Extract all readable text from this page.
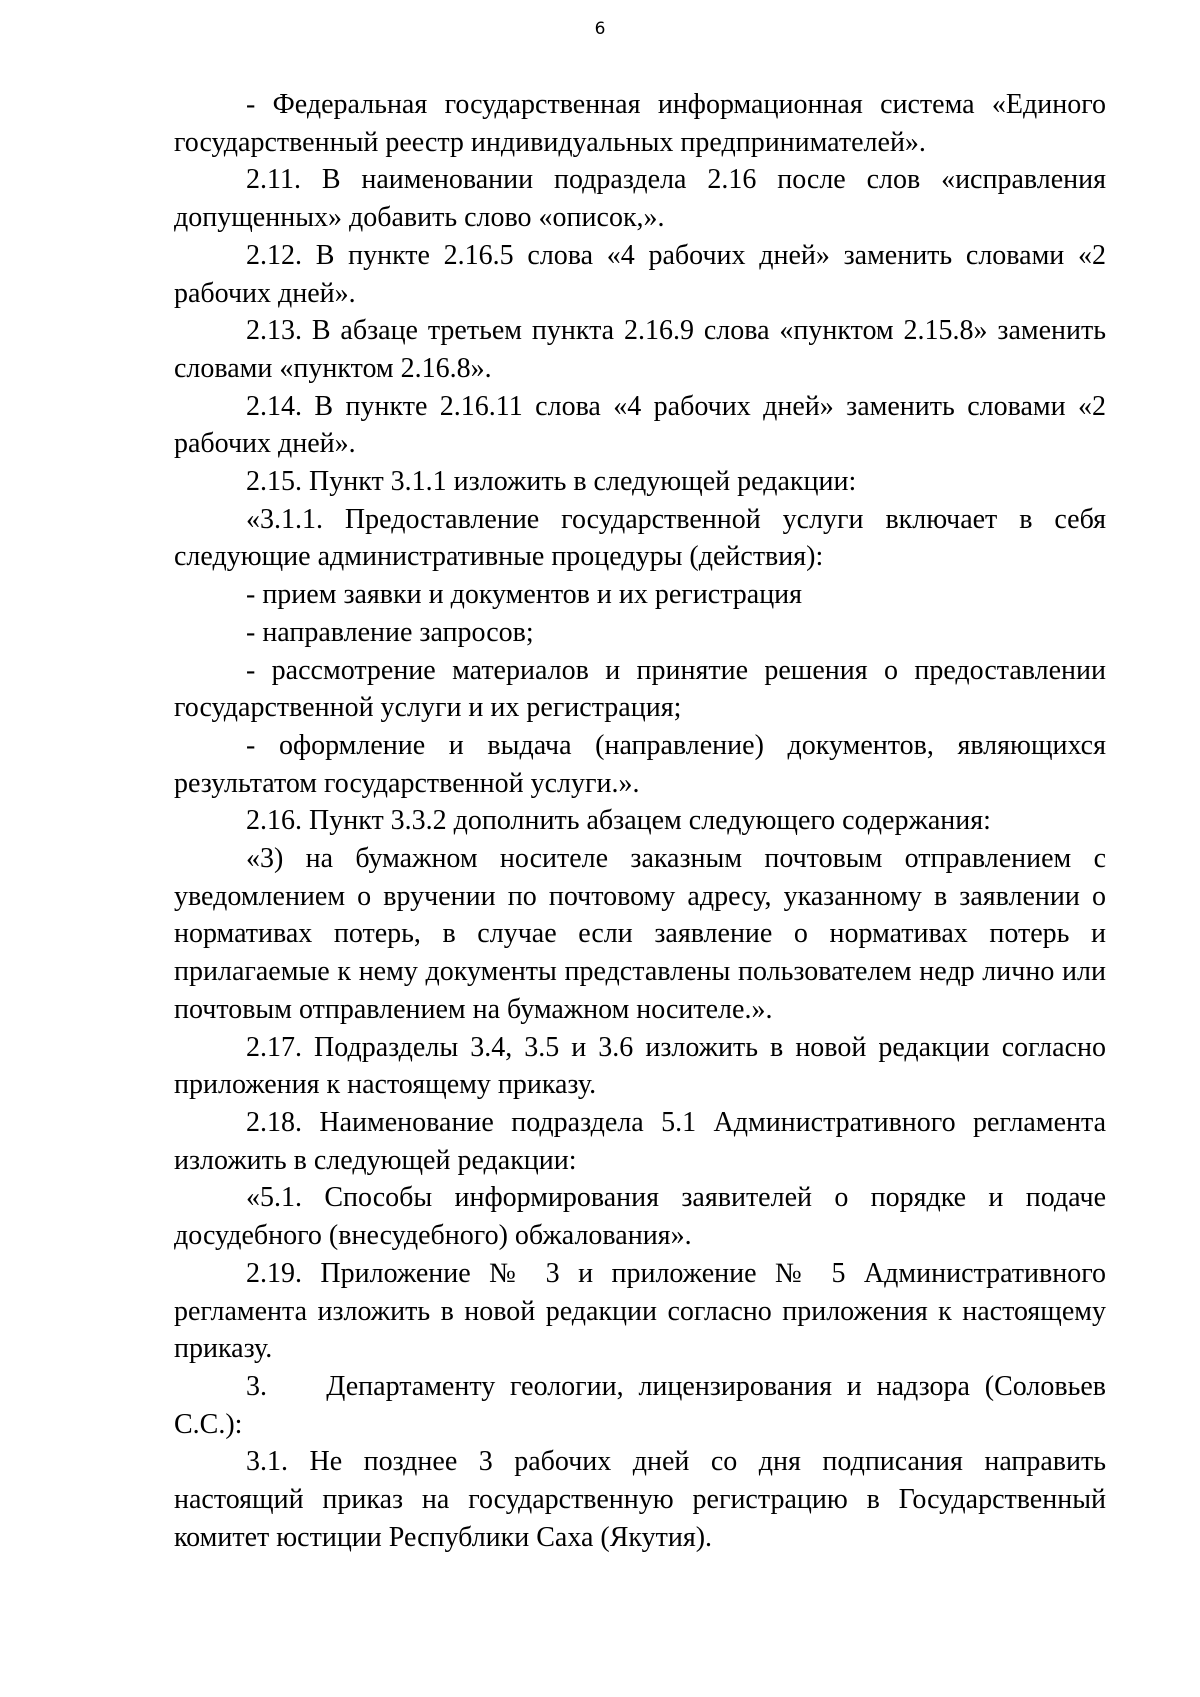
6

- Федеральная государственная информационная система «Единого государственный реестр индивидуальных предпринимателей».

2.11. В наименовании подраздела 2.16 после слов «исправления допущенных» добавить слово «описок,».

2.12. В пункте 2.16.5 слова «4 рабочих дней» заменить словами «2 рабочих дней».

2.13. В абзаце третьем пункта 2.16.9 слова «пунктом 2.15.8» заменить словами «пунктом 2.16.8».

2.14. В пункте 2.16.11 слова «4 рабочих дней» заменить словами «2 рабочих дней».

2.15. Пункт 3.1.1 изложить в следующей редакции:

«3.1.1. Предоставление государственной услуги включает в себя следующие административные процедуры (действия):

- прием заявки и документов и их регистрация

- направление запросов;

- рассмотрение материалов и принятие решения о предоставлении государственной услуги и их регистрация;

- оформление и выдача (направление) документов, являющихся результатом государственной услуги.».

2.16. Пункт 3.3.2 дополнить абзацем следующего содержания:

«3) на бумажном носителе заказным почтовым отправлением с уведомлением о вручении по почтовому адресу, указанному в заявлении о нормативах потерь, в случае если заявление о нормативах потерь и прилагаемые к нему документы представлены пользователем недр лично или почтовым отправлением на бумажном носителе.».

2.17. Подразделы 3.4, 3.5 и 3.6 изложить в новой редакции согласно приложения к настоящему приказу.

2.18. Наименование подраздела 5.1 Административного регламента изложить в следующей редакции:

«5.1. Способы информирования заявителей о порядке и подаче досудебного (внесудебного) обжалования».

2.19. Приложение № 3 и приложение № 5 Административного регламента изложить в новой редакции согласно приложения к настоящему приказу.

3.    Департаменту геологии, лицензирования и надзора (Соловьев С.С.):

3.1. Не позднее 3 рабочих дней со дня подписания направить настоящий приказ на государственную регистрацию в Государственный комитет юстиции Республики Саха (Якутия).
